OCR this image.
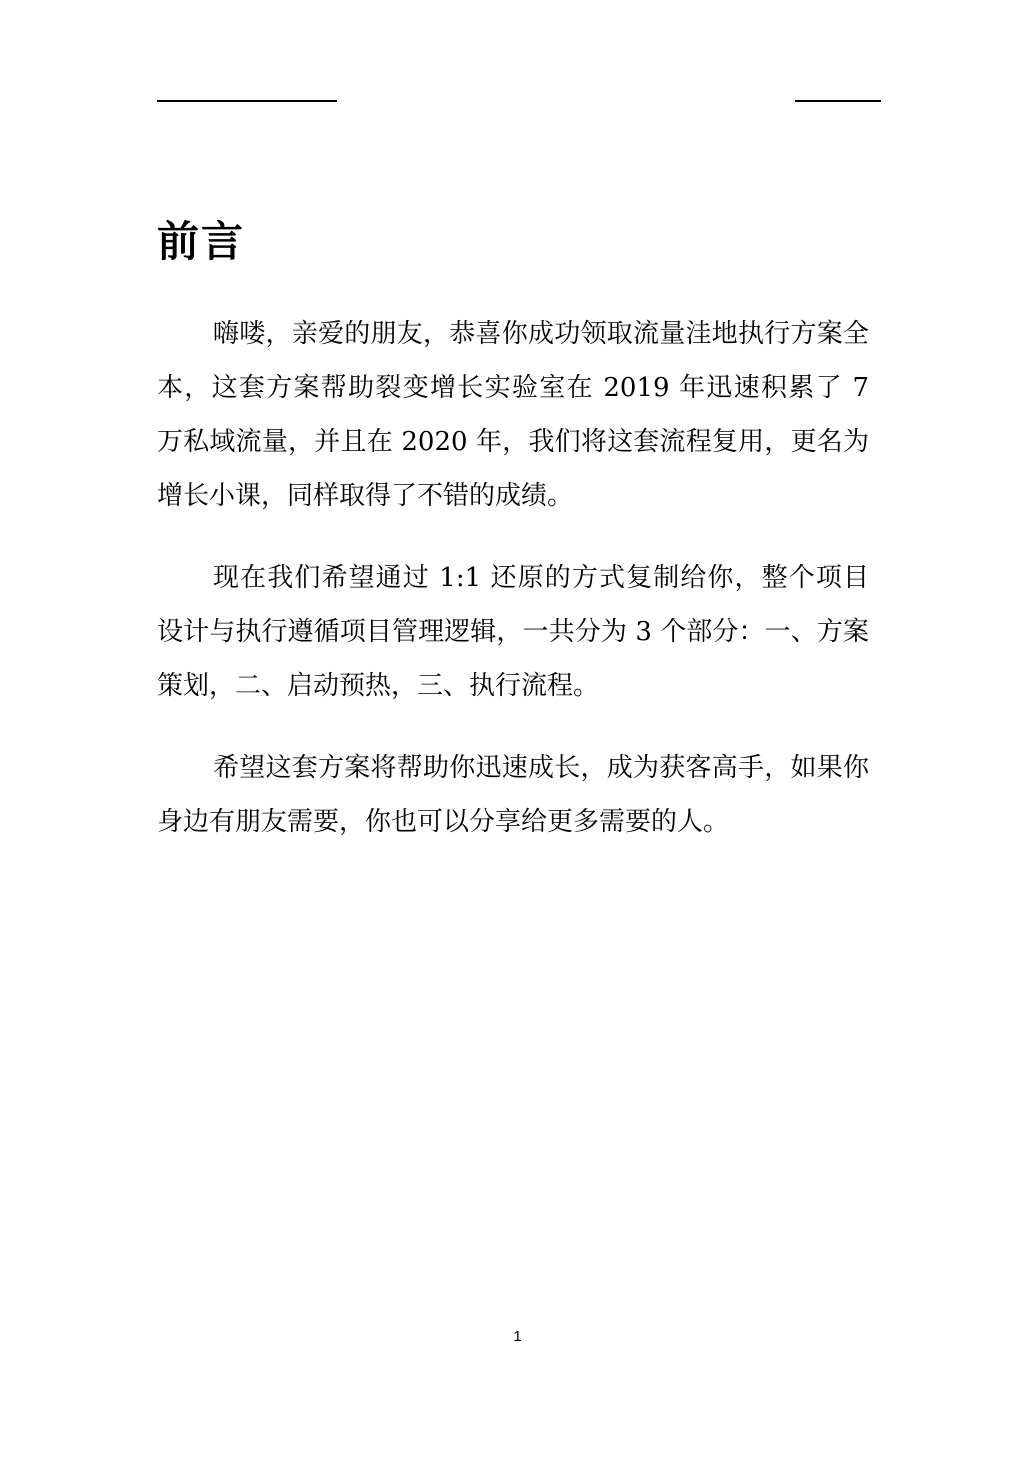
前言

嗨喽，亲爱的朋友，恭喜你成功领取流量洼地执行方案全本，这套方案帮助裂变增长实验室在 2019 年迅速积累了 7 万私域流量，并且在 2020 年，我们将这套流程复用，更名为增长小课，同样取得了不错的成绩。

现在我们希望通过 1:1 还原的方式复制给你，整个项目设计与执行遵循项目管理逻辑，一共分为 3 个部分：一、方案策划，二、启动预热，三、执行流程。

希望这套方案将帮助你迅速成长，成为获客高手，如果你身边有朋友需要，你也可以分享给更多需要的人。

1
